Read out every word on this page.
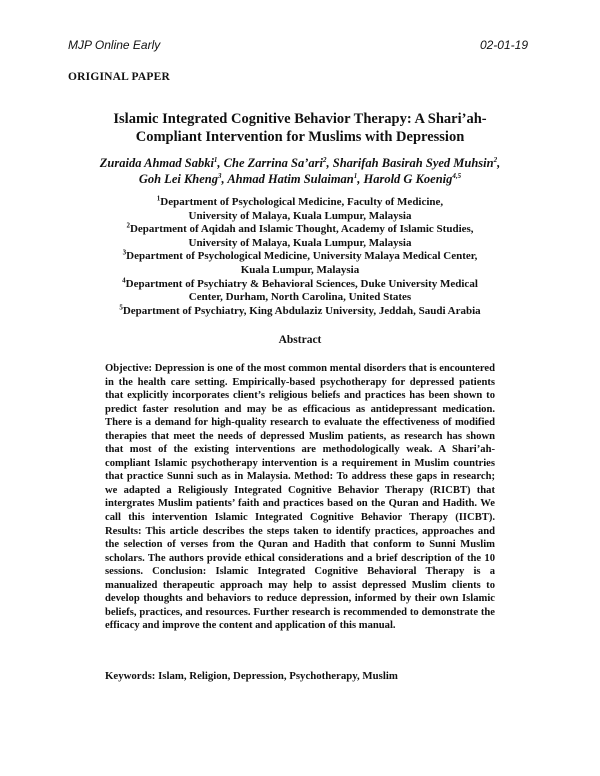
MJP Online Early	02-01-19
ORIGINAL PAPER
Islamic Integrated Cognitive Behavior Therapy: A Shari’ah-
Compliant Intervention for Muslims with Depression
Zuraida Ahmad Sabki$^1$, Che Zarrina Sa’ari$^2$, Sharifah Basirah Syed Muhsin$^2$,
Goh Lei Kheng$^3$, Ahmad Hatim Sulaiman$^1$, Harold G Koenig$^{4,5}$
$^1$Department of Psychological Medicine, Faculty of Medicine,
University of Malaya, Kuala Lumpur, Malaysia
$^2$Department of Aqidah and Islamic Thought, Academy of Islamic Studies,
University of Malaya, Kuala Lumpur, Malaysia
$^3$Department of Psychological Medicine, University Malaya Medical Center,
Kuala Lumpur, Malaysia
$^4$Department of Psychiatry & Behavioral Sciences, Duke University Medical
Center, Durham, North Carolina, United States
$^5$Department of Psychiatry, King Abdulaziz University, Jeddah, Saudi Arabia
Abstract
Objective: Depression is one of the most common mental disorders that is encountered in the health care setting. Empirically-based psychotherapy for depressed patients that explicitly incorporates client’s religious beliefs and practices has been shown to predict faster resolution and may be as efficacious as antidepressant medication. There is a demand for high-quality research to evaluate the effectiveness of modified therapies that meet the needs of depressed Muslim patients, as research has shown that most of the existing interventions are methodologically weak. A Shari’ah-compliant Islamic psychotherapy intervention is a requirement in Muslim countries that practice Sunni such as in Malaysia. Method: To address these gaps in research; we adapted a Religiously Integrated Cognitive Behavior Therapy (RICBT) that intergrates Muslim patients’ faith and practices based on the Quran and Hadith. We call this intervention Islamic Integrated Cognitive Behavior Therapy (IICBT). Results: This article describes the steps taken to identify practices, approaches and the selection of verses from the Quran and Hadith that conform to Sunni Muslim scholars. The authors provide ethical considerations and a brief description of the 10 sessions. Conclusion: Islamic Integrated Cognitive Behavioral Therapy is a manualized therapeutic approach may help to assist depressed Muslim clients to develop thoughts and behaviors to reduce depression, informed by their own Islamic beliefs, practices, and resources. Further research is recommended to demonstrate the efficacy and improve the content and application of this manual.
Keywords: Islam, Religion, Depression, Psychotherapy, Muslim
